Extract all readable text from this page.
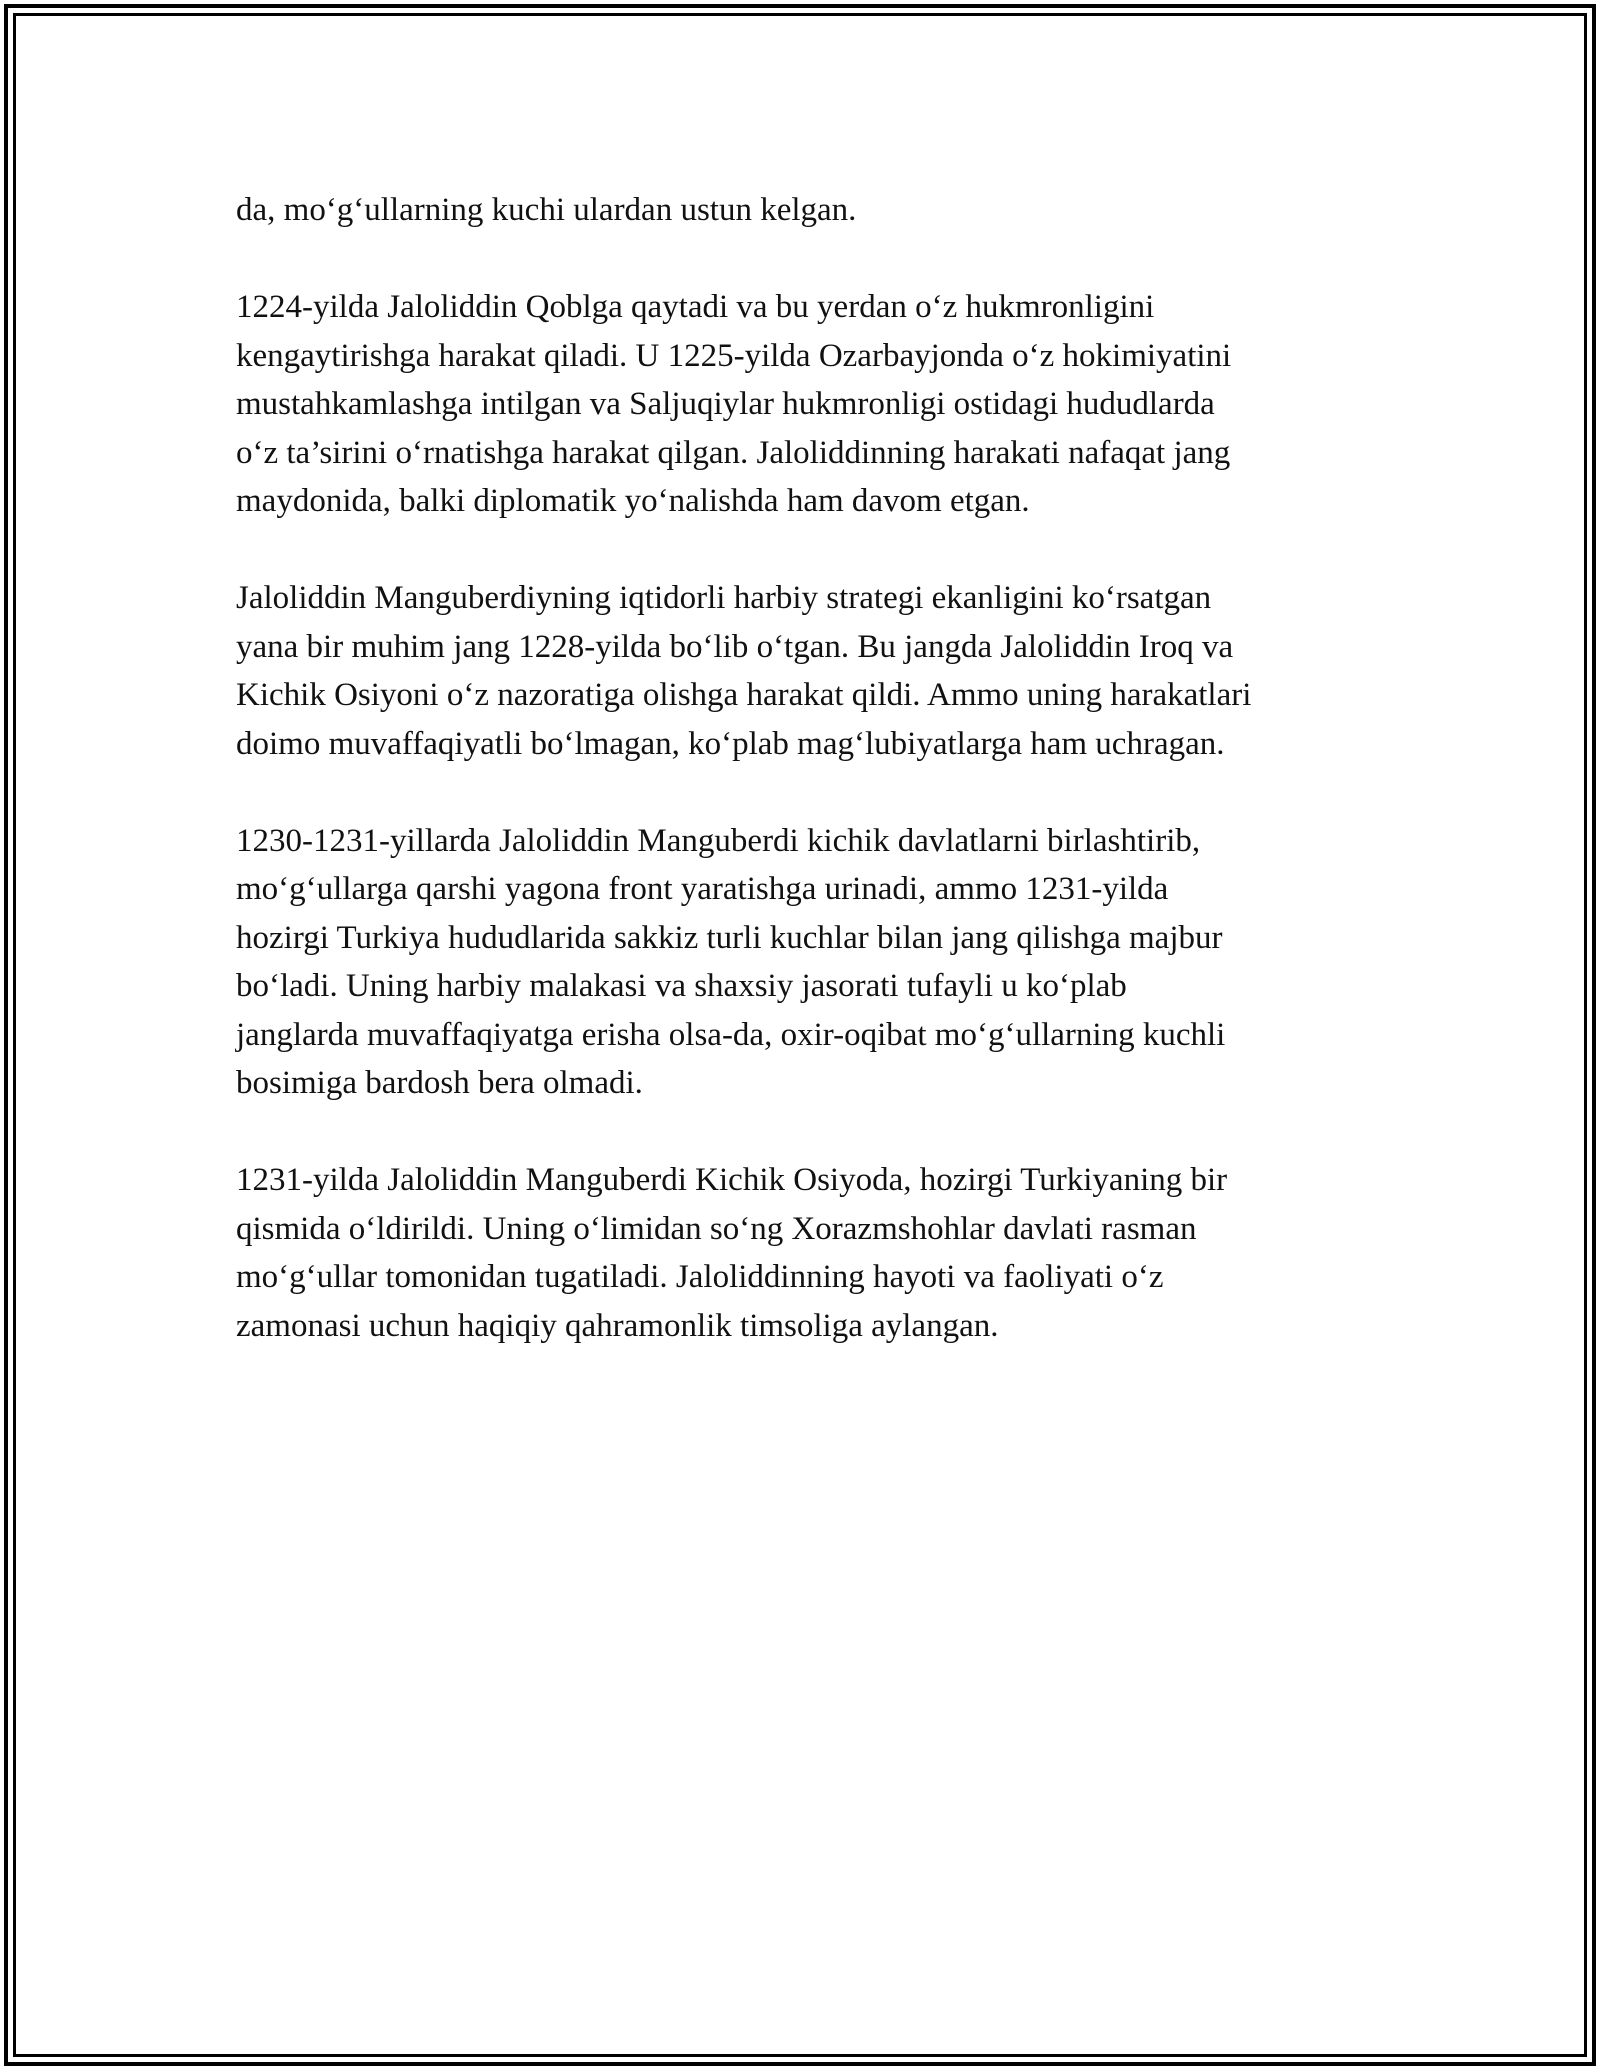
da, mo‘g‘ullarning kuchi ulardan ustun kelgan.

1224-yilda Jaloliddin Qoblga qaytadi va bu yerdan o‘z hukmronligini
kengaytirishga harakat qiladi. U 1225-yilda Ozarbayjonda o‘z hokimiyatini
mustahkamlashga intilgan va Saljuqiylar hukmronligi ostidagi hududlarda
o‘z ta’sirini o‘rnatishga harakat qilgan. Jaloliddinning harakati nafaqat jang
maydonida, balki diplomatik yo‘nalishda ham davom etgan.

Jaloliddin Manguberdiyning iqtidorli harbiy strategi ekanligini ko‘rsatgan
yana bir muhim jang 1228-yilda bo‘lib o‘tgan. Bu jangda Jaloliddin Iroq va
Kichik Osiyoni o‘z nazoratiga olishga harakat qildi. Ammo uning harakatlari
doimo muvaffaqiyatli bo‘lmagan, ko‘plab mag‘lubiyatlarga ham uchragan.

1230-1231-yillarda Jaloliddin Manguberdi kichik davlatlarni birlashtirib,
mo‘g‘ullarga qarshi yagona front yaratishga urinadi, ammo 1231-yilda
hozirgi Turkiya hududlarida sakkiz turli kuchlar bilan jang qilishga majbur
bo‘ladi. Uning harbiy malakasi va shaxsiy jasorati tufayli u ko‘plab
janglarda muvaffaqiyatga erisha olsa-da, oxir-oqibat mo‘g‘ullarning kuchli
bosimiga bardosh bera olmadi.

1231-yilda Jaloliddin Manguberdi Kichik Osiyoda, hozirgi Turkiyaning bir
qismida o‘ldirildi. Uning o‘limidan so‘ng Xorazmshohlar davlati rasman
mo‘g‘ullar tomonidan tugatiladi. Jaloliddinning hayoti va faoliyati o‘z
zamonasi uchun haqiqiy qahramonlik timsoliga aylangan.
